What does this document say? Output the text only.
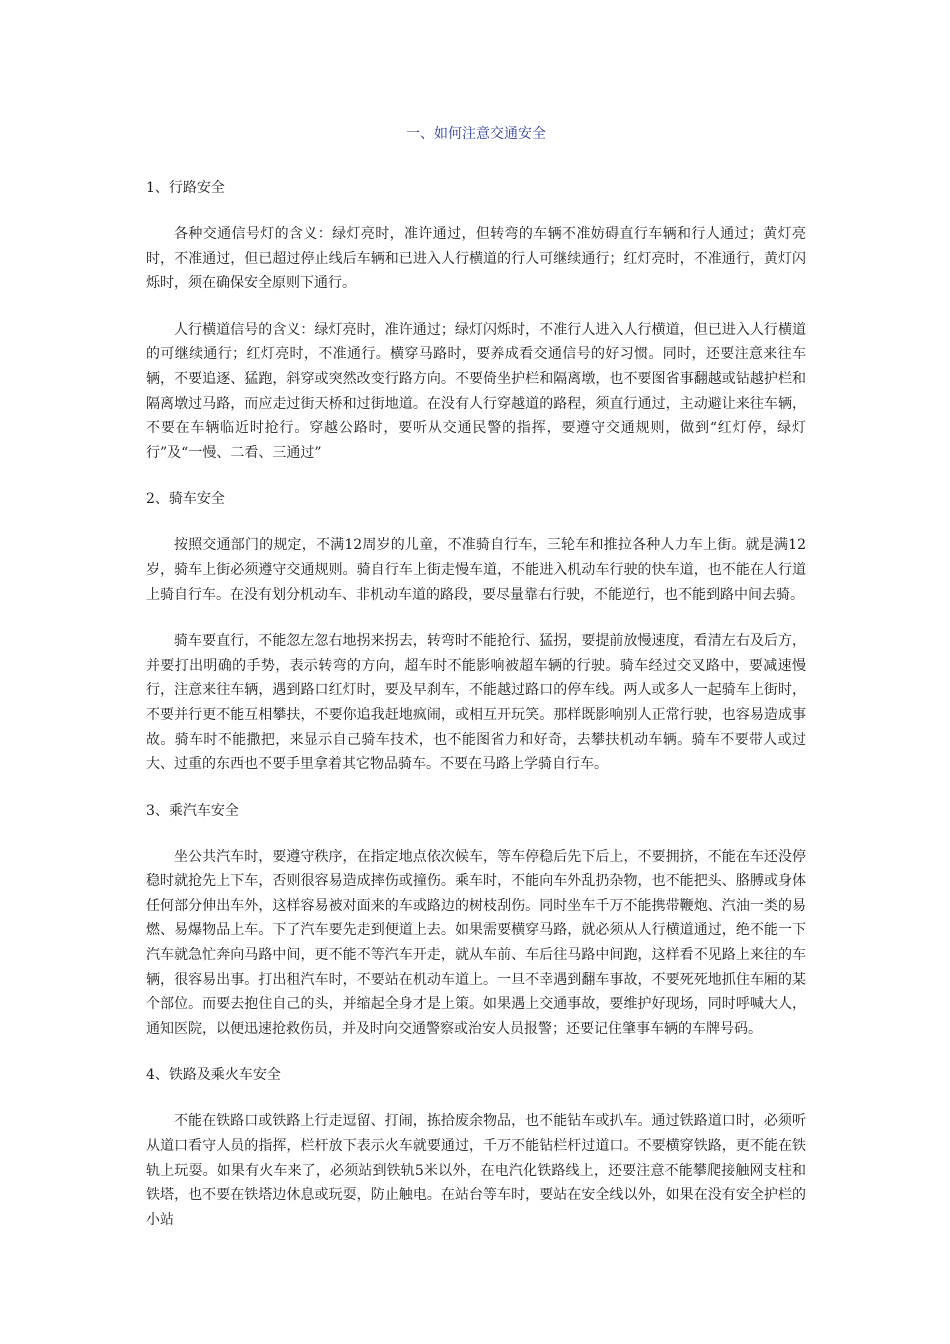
一、如何注意交通安全
1、行路安全

各种交通信号灯的含义：绿灯亮时，准许通过，但转弯的车辆不准妨碍直行车辆和行人通过；黄灯亮时，不准通过，但已超过停止线后车辆和已进入人行横道的行人可继续通行；红灯亮时，不准通行，黄灯闪烁时，须在确保安全原则下通行。

人行横道信号的含义：绿灯亮时，准许通过；绿灯闪烁时，不准行人进入人行横道，但已进入人行横道的可继续通行；红灯亮时，不准通行。横穿马路时，要养成看交通信号的好习惯。同时，还要注意来往车辆，不要追逐、猛跑，斜穿或突然改变行路方向。不要倚坐护栏和隔离墩，也不要图省事翻越或钻越护栏和隔离墩过马路，而应走过街天桥和过街地道。在没有人行穿越道的路程，须直行通过，主动避让来往车辆，不要在车辆临近时抢行。穿越公路时，要听从交通民警的指挥，要遵守交通规则，做到“红灯停，绿灯行”及“一慢、二看、三通过”

2、骑车安全

按照交通部门的规定，不满12周岁的儿童，不准骑自行车，三轮车和推拉各种人力车上街。就是满12岁，骑车上街必须遵守交通规则。骑自行车上街走慢车道，不能进入机动车行驶的快车道，也不能在人行道上骑自行车。在没有划分机动车、非机动车道的路段，要尽量靠右行驶，不能逆行，也不能到路中间去骑。

骑车要直行，不能忽左忽右地拐来拐去，转弯时不能抢行、猛拐，要提前放慢速度，看清左右及后方，并要打出明确的手势，表示转弯的方向，超车时不能影响被超车辆的行驶。骑车经过交叉路中，要减速慢行，注意来往车辆，遇到路口红灯时，要及早刹车，不能越过路口的停车线。两人或多人一起骑车上街时，不要并行更不能互相攀扶，不要你追我赶地疯闹，或相互开玩笑。那样既影响别人正常行驶，也容易造成事故。骑车时不能撒把，来显示自己骑车技术，也不能图省力和好奇，去攀扶机动车辆。骑车不要带人或过大、过重的东西也不要手里拿着其它物品骑车。不要在马路上学骑自行车。

3、乘汽车安全

坐公共汽车时，要遵守秩序，在指定地点依次候车，等车停稳后先下后上，不要拥挤，不能在车还没停稳时就抢先上下车，否则很容易造成摔伤或撞伤。乘车时，不能向车外乱扔杂物，也不能把头、胳膊或身体任何部分伸出车外，这样容易被对面来的车或路边的树枝刮伤。同时坐车千万不能携带鞭炮、汽油一类的易燃、易爆物品上车。下了汽车要先走到便道上去。如果需要横穿马路，就必须从人行横道通过，绝不能一下汽车就急忙奔向马路中间，更不能不等汽车开走，就从车前、车后往马路中间跑，这样看不见路上来往的车辆，很容易出事。打出租汽车时，不要站在机动车道上。一旦不幸遇到翻车事故，不要死死地抓住车厢的某个部位。而要去抱住自己的头，并缩起全身才是上策。如果遇上交通事故，要维护好现场，同时呼喊大人，通知医院，以便迅速抢救伤员，并及时向交通警察或治安人员报警；还要记住肇事车辆的车牌号码。

4、铁路及乘火车安全

不能在铁路口或铁路上行走逗留、打闹，拣拾废余物品，也不能钻车或扒车。通过铁路道口时，必须听从道口看守人员的指挥，栏杆放下表示火车就要通过，千万不能钻栏杆过道口。不要横穿铁路，更不能在铁轨上玩耍。如果有火车来了，必须站到铁轨5米以外，在电汽化铁路线上，还要注意不能攀爬接触网支柱和铁塔，也不要在铁塔边休息或玩耍，防止触电。在站台等车时，要站在安全线以外，如果在没有安全护栏的小站
